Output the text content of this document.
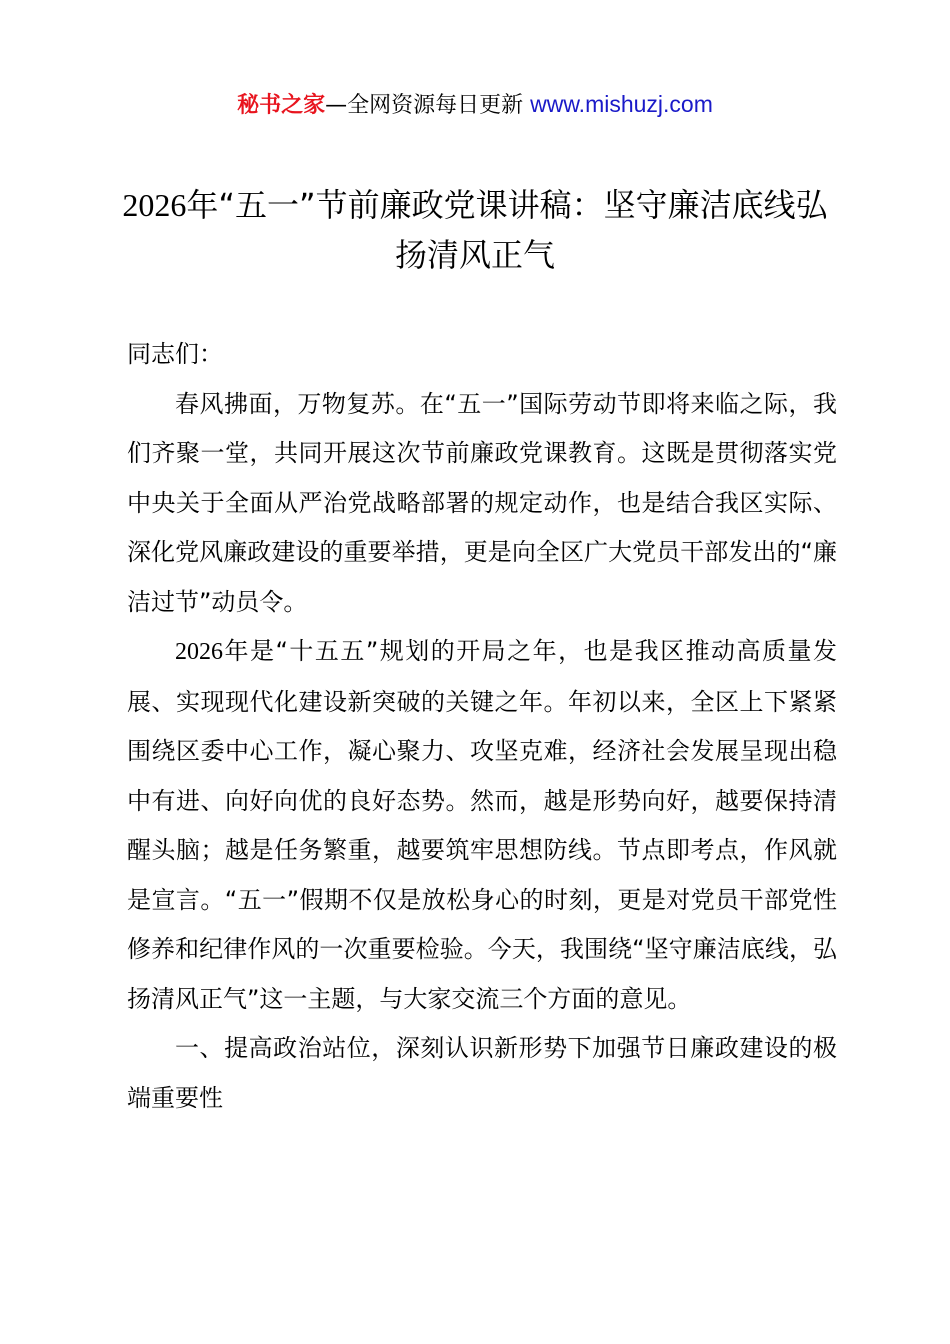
秘书之家—全网资源每日更新 www.mishuzj.com
2026年“五一”节前廉政党课讲稿：坚守廉洁底线弘扬清风正气

同志们：

春风拂面，万物复苏。在“五一”国际劳动节即将来临之际，我们齐聚一堂，共同开展这次节前廉政党课教育。这既是贯彻落实党中央关于全面从严治党战略部署的规定动作，也是结合我区实际、深化党风廉政建设的重要举措，更是向全区广大党员干部发出的“廉洁过节”动员令。

2026年是“十五五”规划的开局之年，也是我区推动高质量发展、实现现代化建设新突破的关键之年。年初以来，全区上下紧紧围绕区委中心工作，凝心聚力、攻坚克难，经济社会发展呈现出稳中有进、向好向优的良好态势。然而，越是形势向好，越要保持清醒头脑；越是任务繁重，越要筑牢思想防线。节点即考点，作风就是宣言。“五一”假期不仅是放松身心的时刻，更是对党员干部党性修养和纪律作风的一次重要检验。今天，我围绕“坚守廉洁底线，弘扬清风正气”这一主题，与大家交流三个方面的意见。

一、提高政治站位，深刻认识新形势下加强节日廉政建设的极端重要性
